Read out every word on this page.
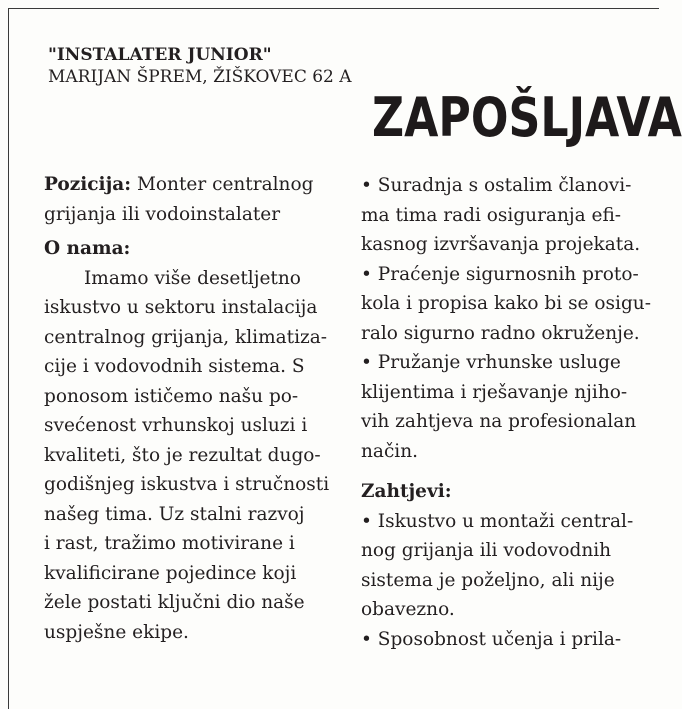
"INSTALATER JUNIOR"
MARIJAN ŠPREM, ŽIŠKOVEC 62 A
ZAPOŠLJAVA

Pozicija: Monter centralnog
grijanja ili vodoinstalater

O nama:

Imamo više desetljetno
iskustvo u sektoru instalacija
centralnog grijanja, klimatiza-
cije i vodovodnih sistema. S
ponosom ističemo našu po-
svećenost vrhunskoj usluzi i
kvaliteti, što je rezultat dugo-
godišnjeg iskustva i stručnosti
našeg tima. Uz stalni razvoj
i rast, tražimo motivirane i
kvalificirane pojedince koji
žele postati ključni dio naše
uspješne ekipe.

• Suradnja s ostalim članovi-
ma tima radi osiguranja efi-
kasnog izvršavanja projekata.

• Praćenje sigurnosnih proto-
kola i propisa kako bi se osigu-
ralo sigurno radno okruženje.

• Pružanje vrhunske usluge
klijentima i rješavanje njiho-
vih zahtjeva na profesionalan
način.

Zahtjevi:

• Iskustvo u montaži central-
nog grijanja ili vodovodnih
sistema je poželjno, ali nije
obavezno.

• Sposobnost učenja i prila-
